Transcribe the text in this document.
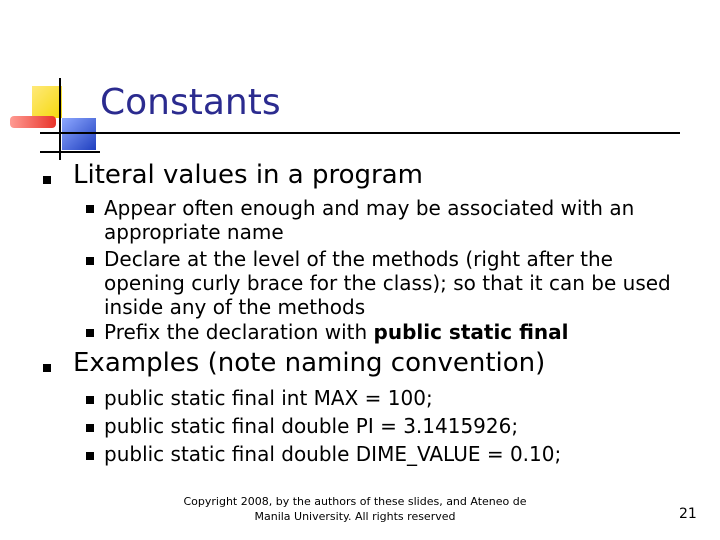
Constants
Literal values in a program
Appear often enough and may be associated with an appropriate name
Declare at the level of the methods (right after the opening curly brace for the class); so that it can be used inside any of the methods
Prefix the declaration with public static final
Examples (note naming convention)
public static final int MAX = 100;
public static final double PI = 3.1415926;
public static final double DIME_VALUE = 0.10;
Copyright 2008, by the authors of these slides, and Ateneo de
Manila University. All rights reserved	21
